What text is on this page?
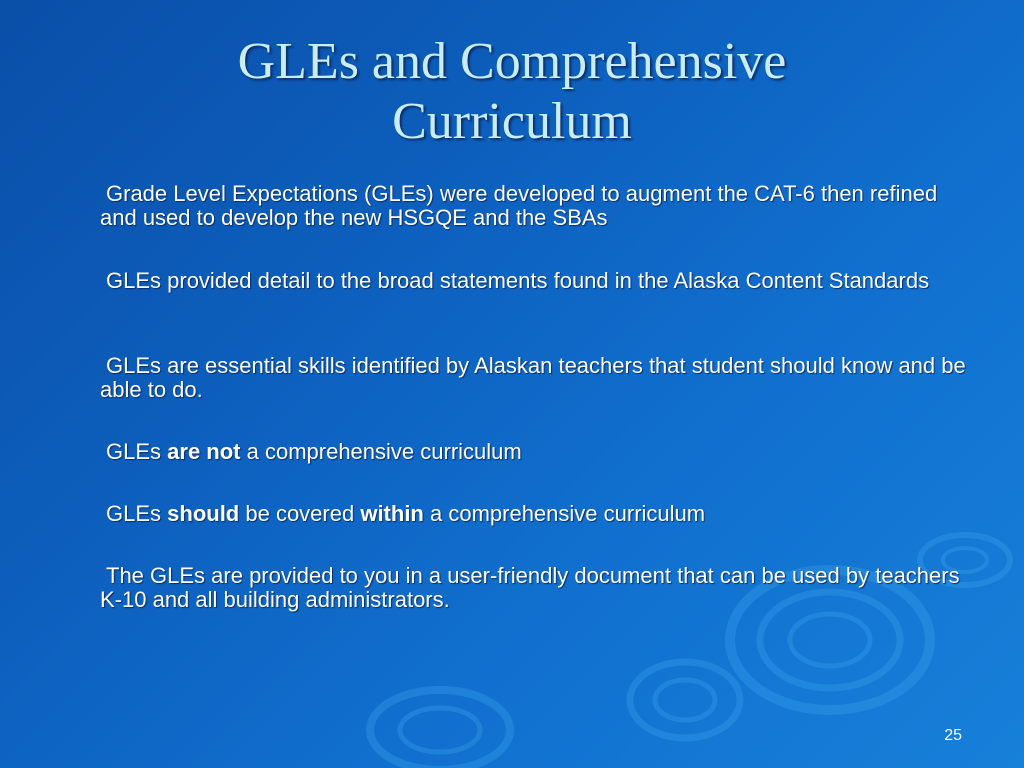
GLEs and Comprehensive
Curriculum
Grade Level Expectations (GLEs) were developed to augment the CAT-6 then refined and used to develop the new HSGQE and the SBAs
GLEs provided detail to the broad statements found in the Alaska Content Standards
GLEs are essential skills identified by Alaskan teachers that student should know and be able to do.
GLEs are not a comprehensive curriculum
GLEs should be covered within a comprehensive curriculum
The GLEs are provided to you in a user-friendly document that can be used by teachers K-10 and all building administrators.
25
